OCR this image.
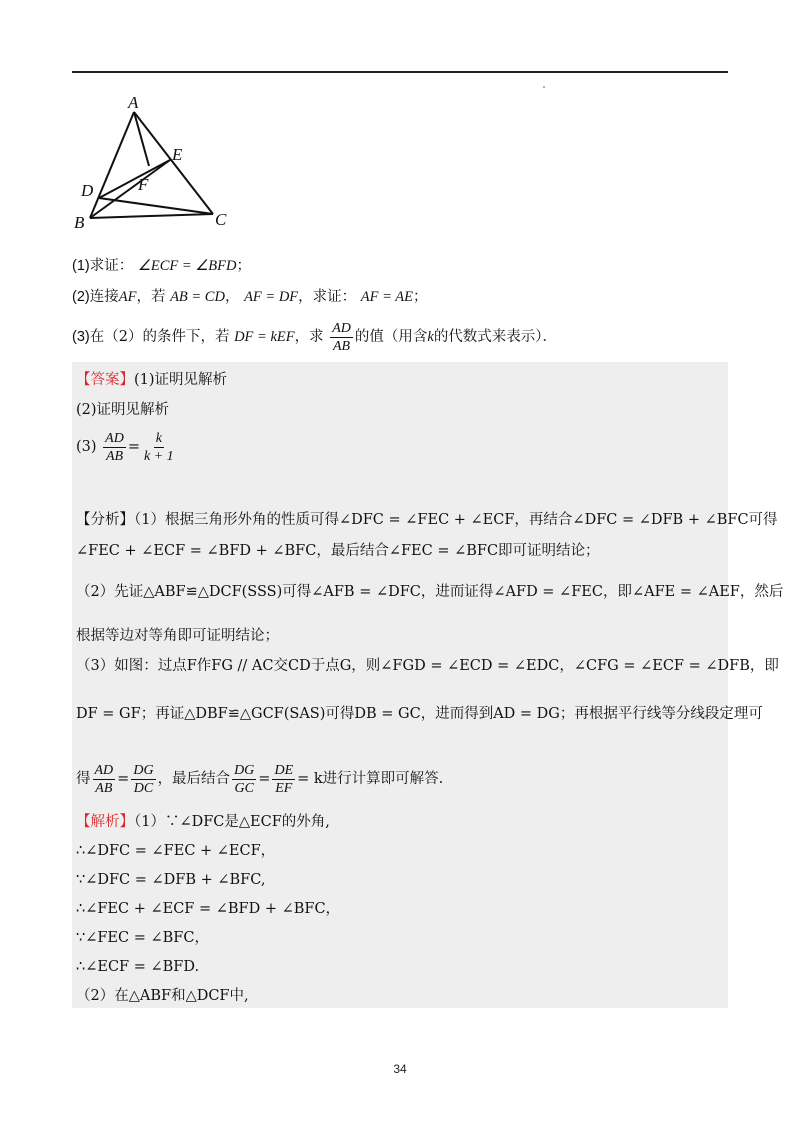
A
B	C
D
E
F
(1)求证： ∠ECF = ∠BFD；
(2)连接AF，若 AB = CD， AF = DF，求证： AF = AE；
(3)在（2）的条件下，若 DF = kEF，求 $\frac{AD}{AB}$ 的值（用含k的代数式来表示）．
【答案】(1)证明见解析
(2)证明见解析
$(3) \frac{AD}{AB} = \frac{k}{k + 1}$
【分析】（1）根据三角形外角的性质可得∠DFC = ∠FEC + ∠ECF，再结合∠DFC = ∠DFB + ∠BFC可得
∠FEC + ∠ECF = ∠BFD + ∠BFC，最后结合∠FEC = ∠BFC即可证明结论；
（2）先证△ABF≌△DCF(SSS)可得∠AFB = ∠DFC，进而证得∠AFD = ∠FEC，即∠AFE = ∠AEF，然后
根据等边对等角即可证明结论；
（3）如图：过点F作FG // AC交CD于点G，则∠FGD = ∠ECD = ∠EDC，∠CFG = ∠ECF = ∠DFB，即
DF = GF；再证△DBF≌△GCF(SAS)可得DB = GC，进而得到AD = DG；再根据平行线等分线段定理可
得 $\frac{AD}{AB} = \frac{DG}{DC}$ ，最后结合 $\frac{DG}{GC} = \frac{DE}{EF} = k$进行计算即可解答.
【解析】（1）∵∠DFC是△ECF的外角,
∴∠DFC = ∠FEC + ∠ECF，
∵∠DFC = ∠DFB + ∠BFC,
∴∠FEC + ∠ECF = ∠BFD + ∠BFC，
∵∠FEC = ∠BFC，
∴∠ECF = ∠BFD.
（2）在△ABF和△DCF中,
34
